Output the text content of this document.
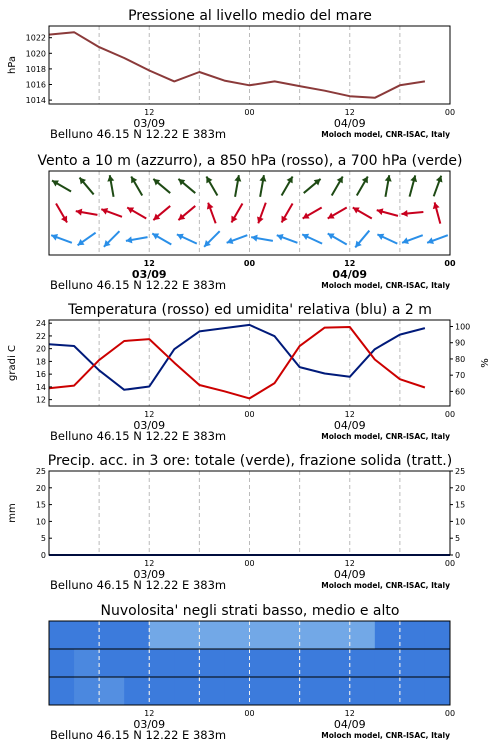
Pressione al livello medio del mare
1014
1016
1018
1020
1022
hPa
12	00	12	00
03/09	04/09
Belluno 46.15 N 12.22 E 383m	Moloch model, CNR-ISAC, Italy
Vento a 10 m (azzurro), a 850 hPa (rosso), a 700 hPa (verde)
12	00	12	00
03/09	04/09
Belluno 46.15 N 12.22 E 383m	Moloch model, CNR-ISAC, Italy
Temperatura (rosso) ed umidita' relativa (blu) a 2 m
12
14
16
18
20
22
24
60
70
80
90
100
gradi C	%
12	00	12	00
03/09	04/09
Belluno 46.15 N 12.22 E 383m	Moloch model, CNR-ISAC, Italy
Precip. acc. in 3 ore: totale (verde), frazione solida (tratt.)
0
5
10
15
20
25
0
5
10
15
20
25
mm
12	00	12	00
03/09	04/09
Belluno 46.15 N 12.22 E 383m	Moloch model, CNR-ISAC, Italy
Nuvolosita' negli strati basso, medio e alto
12	00	12	00
03/09	04/09
Belluno 46.15 N 12.22 E 383m	Moloch model, CNR-ISAC, Italy
